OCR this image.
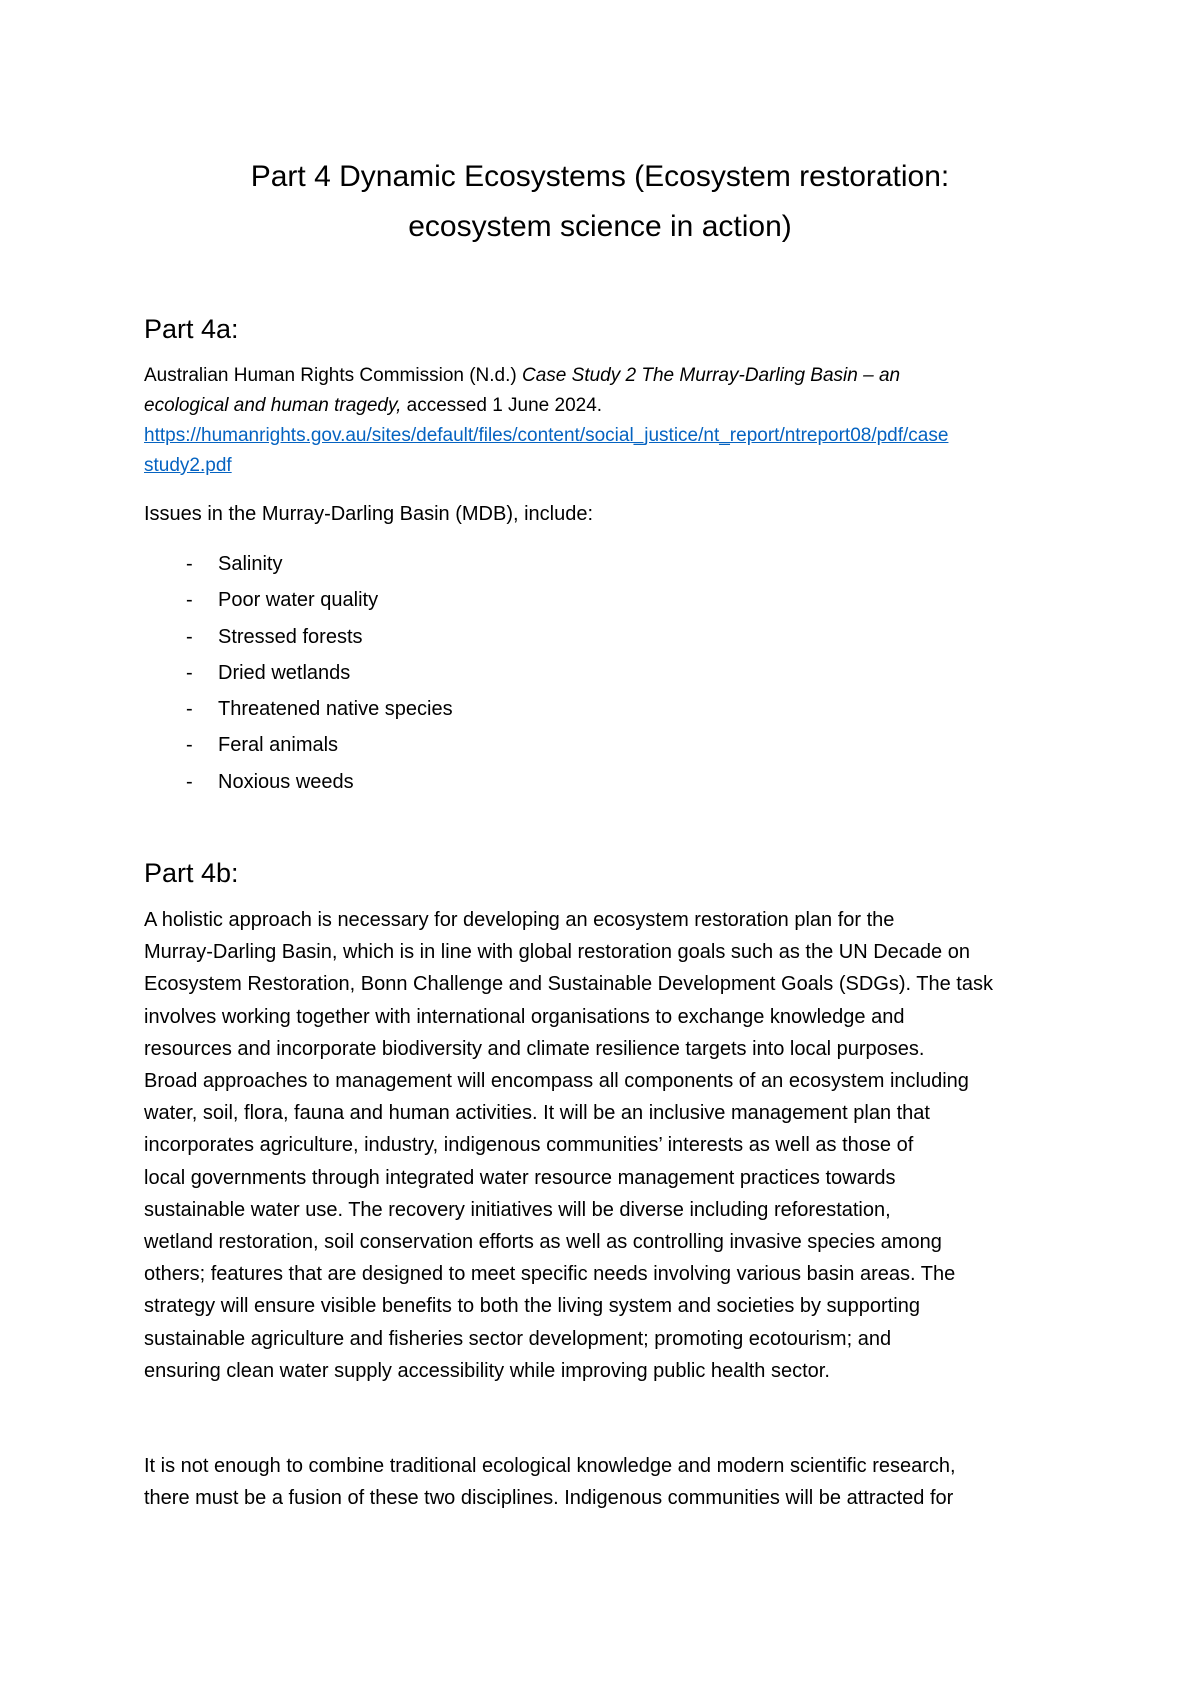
Part 4 Dynamic Ecosystems (Ecosystem restoration:
ecosystem science in action)
Part 4a:
Australian Human Rights Commission (N.d.) Case Study 2 The Murray-Darling Basin – an
ecological and human tragedy, accessed 1 June 2024.
https://humanrights.gov.au/sites/default/files/content/social_justice/nt_report/ntreport08/pdf/case
study2.pdf
Issues in the Murray-Darling Basin (MDB), include:
- Salinity
- Poor water quality
- Stressed forests
- Dried wetlands
- Threatened native species
- Feral animals
- Noxious weeds
Part 4b:
A holistic approach is necessary for developing an ecosystem restoration plan for the
Murray-Darling Basin, which is in line with global restoration goals such as the UN Decade on
Ecosystem Restoration, Bonn Challenge and Sustainable Development Goals (SDGs). The task
involves working together with international organisations to exchange knowledge and
resources and incorporate biodiversity and climate resilience targets into local purposes.
Broad approaches to management will encompass all components of an ecosystem including
water, soil, flora, fauna and human activities. It will be an inclusive management plan that
incorporates agriculture, industry, indigenous communities’ interests as well as those of
local governments through integrated water resource management practices towards
sustainable water use. The recovery initiatives will be diverse including reforestation,
wetland restoration, soil conservation efforts as well as controlling invasive species among
others; features that are designed to meet specific needs involving various basin areas. The
strategy will ensure visible benefits to both the living system and societies by supporting
sustainable agriculture and fisheries sector development; promoting ecotourism; and
ensuring clean water supply accessibility while improving public health sector.
It is not enough to combine traditional ecological knowledge and modern scientific research,
there must be a fusion of these two disciplines. Indigenous communities will be attracted for
